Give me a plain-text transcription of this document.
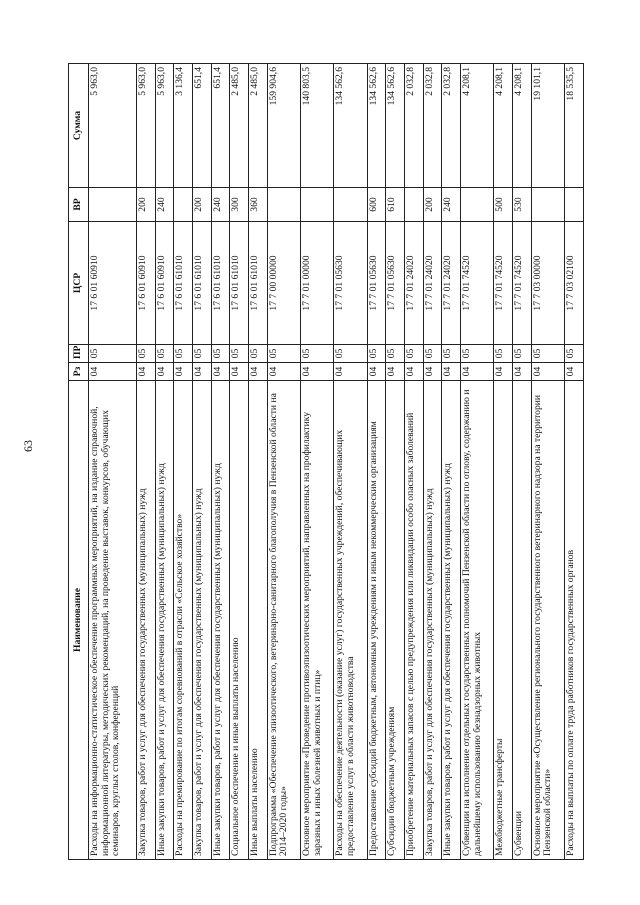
63
Наименование	Рз	ПР	ЦСР	ВР	Сумма
Расходы на информационно-статистическое обеспечение программных мероприятий, на издание справочной, информационной литературы, методических рекомендаций, на проведение выставок, конкурсов, обучающих семинаров, круглых столов, конференций	04	05	17 6 01 60910		5 963,0
Закупка товаров, работ и услуг для обеспечения государственных (муниципальных) нужд	04	05	17 6 01 60910	200	5 963,0
Иные закупки товаров, работ и услуг для обеспечения государственных (муниципальных) нужд	04	05	17 6 01 60910	240	5 963,0
Расходы на премирование по итогам соревнований в отрасли «Сельское хозяйство»	04	05	17 6 01 61010		3 136,4
Закупка товаров, работ и услуг для обеспечения государственных (муниципальных) нужд	04	05	17 6 01 61010	200	651,4
Иные закупки товаров, работ и услуг для обеспечения государственных (муниципальных) нужд	04	05	17 6 01 61010	240	651,4
Социальное обеспечение и иные выплаты населению	04	05	17 6 01 61010	300	2 485,0
Иные выплаты населению	04	05	17 6 01 61010	360	2 485,0
Подпрограмма «Обеспечение эпизоотического, ветеринарно-санитарного благополучия в Пензенской области на 2014–2020 годы»	04	05	17 7 00 00000		159 904,6
Основное мероприятие «Проведение противоэпизоотических мероприятий, направленных на профилактику заразных и иных болезней животных и птиц»	04	05	17 7 01 00000		140 803,5
Расходы на обеспечение деятельности (оказание услуг) государственных учреждений, обеспечивающих предоставление услуг в области животноводства	04	05	17 7 01 05630		134 562,6
Предоставление субсидий бюджетным, автономным учреждениям и иным некоммерческим организациям	04	05	17 7 01 05630	600	134 562,6
Субсидии бюджетным учреждениям	04	05	17 7 01 05630	610	134 562,6
Приобретение материальных запасов с целью предупреждения или ликвидации особо опасных заболеваний	04	05	17 7 01 24020		2 032,8
Закупка товаров, работ и услуг для обеспечения государственных (муниципальных) нужд	04	05	17 7 01 24020	200	2 032,8
Иные закупки товаров, работ и услуг для обеспечения государственных (муниципальных) нужд	04	05	17 7 01 24020	240	2 032,8
Субвенции на исполнение отдельных государственных полномочий Пензенской области по отлову, содержанию и дальнейшему использованию безнадзорных животных	04	05	17 7 01 74520		4 208,1
Межбюджетные трансферты	04	05	17 7 01 74520	500	4 208,1
Субвенции	04	05	17 7 01 74520	530	4 208,1
Основное мероприятие «Осуществление регионального государственного ветеринарного надзора на территории Пензенской области»	04	05	17 7 03 00000		19 101,1
Расходы на выплаты по оплате труда работников государственных органов	04	05	17 7 03 02100		18 535,5
